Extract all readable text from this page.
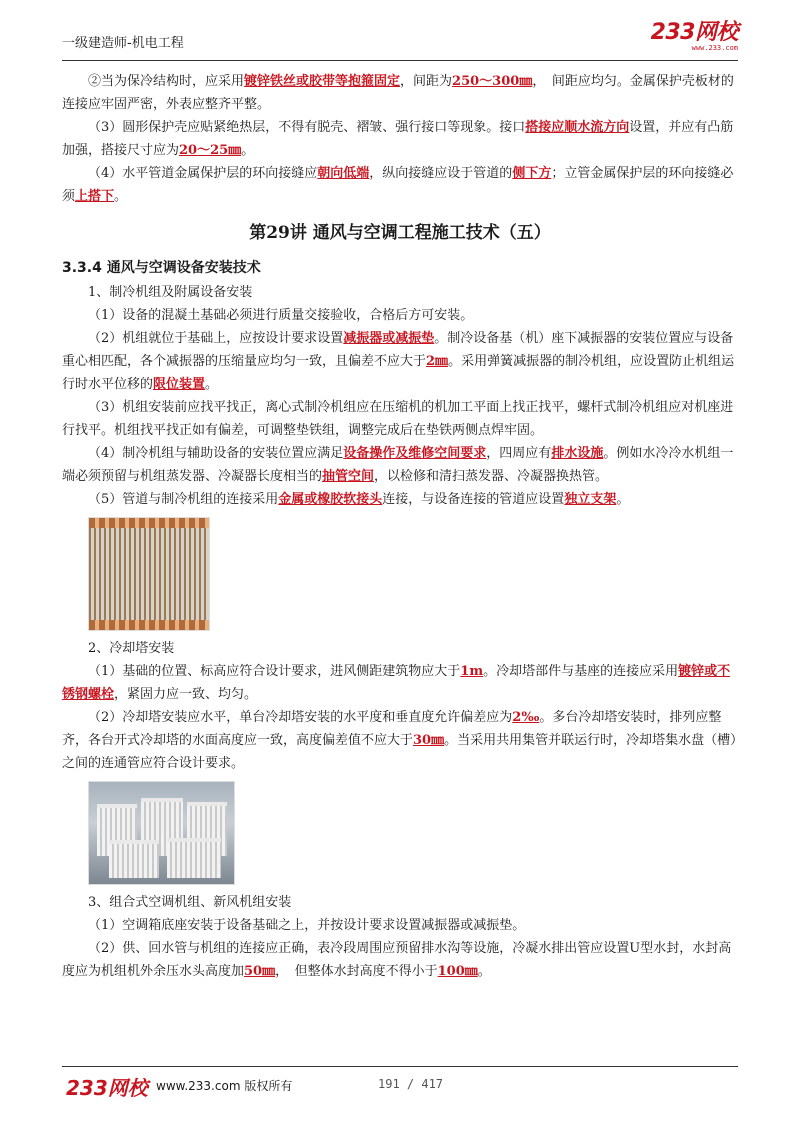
一级建造师-机电工程	233网校
www.233.com

②当为保冷结构时，应采用镀锌铁丝或胶带等抱箍固定，间距为250～300㎜，　间距应均匀。金属保护壳板材的连接应牢固严密，外表应整齐平整。

（3）圆形保护壳应贴紧绝热层，不得有脱壳、褶皱、强行接口等现象。接口搭接应顺水流方向设置，并应有凸筋加强，搭接尺寸应为20～25㎜。

（4）水平管道金属保护层的环向接缝应朝向低端，纵向接缝应设于管道的侧下方；立管金属保护层的环向接缝必须上搭下。

第29讲 通风与空调工程施工技术（五）
3.3.4 通风与空调设备安装技术

1、制冷机组及附属设备安装

（1）设备的混凝土基础必须进行质量交接验收，合格后方可安装。

（2）机组就位于基础上，应按设计要求设置减振器或减振垫。制冷设备基（机）座下减振器的安装位置应与设备重心相匹配，各个减振器的压缩量应均匀一致，且偏差不应大于2㎜。采用弹簧减振器的制冷机组，应设置防止机组运行时水平位移的限位装置。

（3）机组安装前应找平找正，离心式制冷机组应在压缩机的机加工平面上找正找平，螺杆式制冷机组应对机座进行找平。机组找平找正如有偏差，可调整垫铁组，调整完成后在垫铁两侧点焊牢固。

（4）制冷机组与辅助设备的安装位置应满足设备操作及维修空间要求，四周应有排水设施。例如水冷冷水机组一端必须预留与机组蒸发器、冷凝器长度相当的抽管空间，以检修和清扫蒸发器、冷凝器换热管。

（5）管道与制冷机组的连接采用金属或橡胶软接头连接，与设备连接的管道应设置独立支架。

2、冷却塔安装

（1）基础的位置、标高应符合设计要求，进风侧距建筑物应大于1m。冷却塔部件与基座的连接应采用镀锌或不锈钢螺栓，紧固力应一致、均匀。

（2）冷却塔安装应水平，单台冷却塔安装的水平度和垂直度允许偏差应为2‰。多台冷却塔安装时，排列应整齐，各台开式冷却塔的水面高度应一致，高度偏差值不应大于30㎜。当采用共用集管并联运行时，冷却塔集水盘（槽）之间的连通管应符合设计要求。

3、组合式空调机组、新风机组安装

（1）空调箱底座安装于设备基础之上，并按设计要求设置减振器或减振垫。

（2）供、回水管与机组的连接应正确，表冷段周围应预留排水沟等设施，冷凝水排出管应设置U型水封，水封高度应为机组机外余压水头高度加50㎜，　但整体水封高度不得小于100㎜。

233网校 www.233.com 版权所有	191 / 417
